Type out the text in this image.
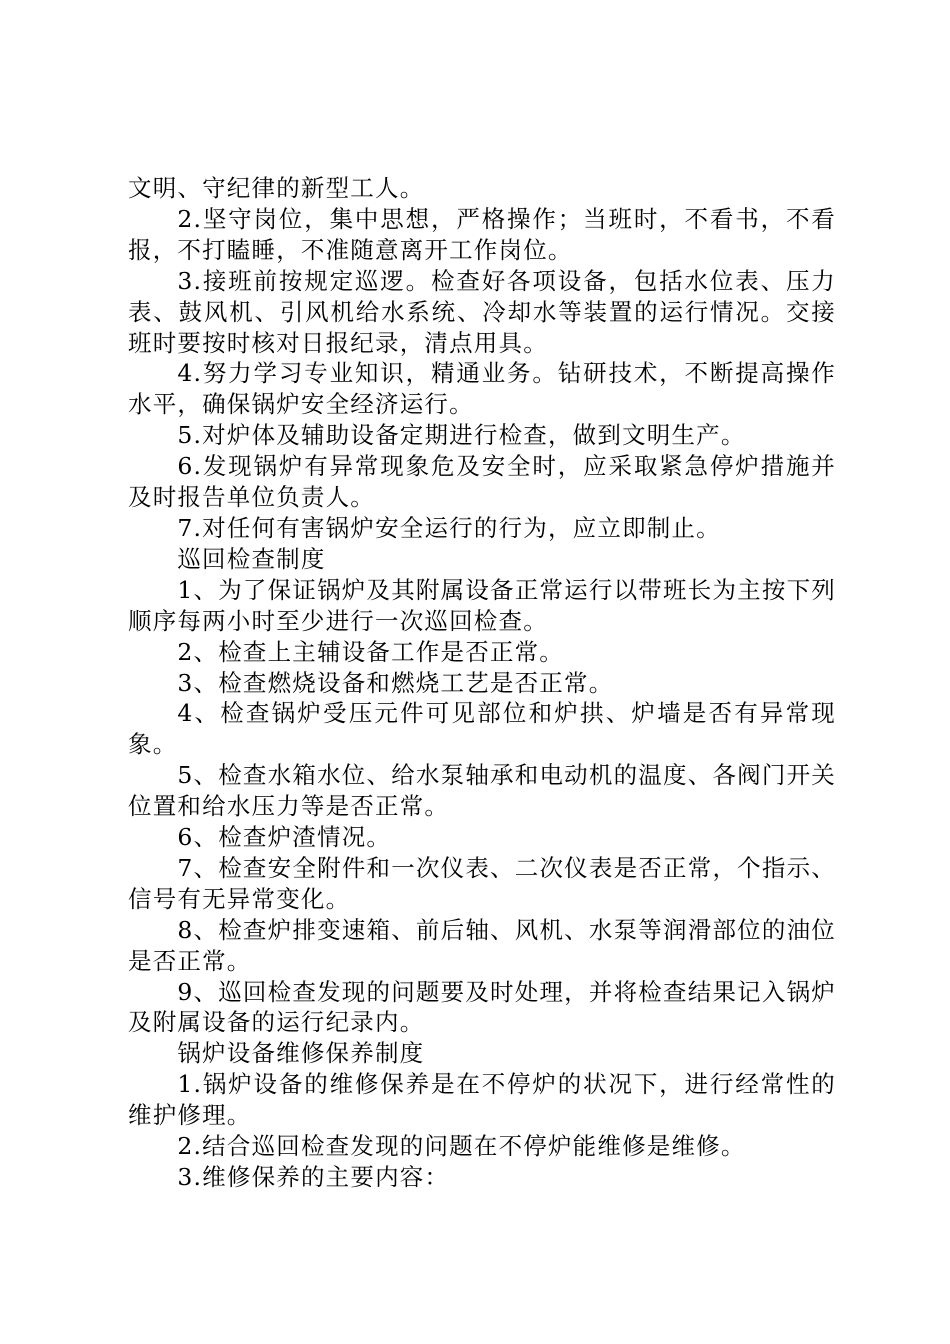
文明、守纪律的新型工人。

2.坚守岗位，集中思想，严格操作；当班时，不看书，不看报，不打瞌睡，不准随意离开工作岗位。

3.接班前按规定巡逻。检查好各项设备，包括水位表、压力表、鼓风机、引风机给水系统、冷却水等装置的运行情况。交接班时要按时核对日报纪录，清点用具。

4.努力学习专业知识，精通业务。钻研技术，不断提高操作水平，确保锅炉安全经济运行。

5.对炉体及辅助设备定期进行检查，做到文明生产。

6.发现锅炉有异常现象危及安全时，应采取紧急停炉措施并及时报告单位负责人。

7.对任何有害锅炉安全运行的行为，应立即制止。

巡回检查制度

1、为了保证锅炉及其附属设备正常运行以带班长为主按下列顺序每两小时至少进行一次巡回检查。

2、检查上主辅设备工作是否正常。

3、检查燃烧设备和燃烧工艺是否正常。

4、检查锅炉受压元件可见部位和炉拱、炉墙是否有异常现象。

5、检查水箱水位、给水泵轴承和电动机的温度、各阀门开关位置和给水压力等是否正常。

6、检查炉渣情况。

7、检查安全附件和一次仪表、二次仪表是否正常，个指示、信号有无异常变化。

8、检查炉排变速箱、前后轴、风机、水泵等润滑部位的油位是否正常。

9、巡回检查发现的问题要及时处理，并将检查结果记入锅炉及附属设备的运行纪录内。

锅炉设备维修保养制度

1.锅炉设备的维修保养是在不停炉的状况下，进行经常性的维护修理。

2.结合巡回检查发现的问题在不停炉能维修是维修。

3.维修保养的主要内容：
